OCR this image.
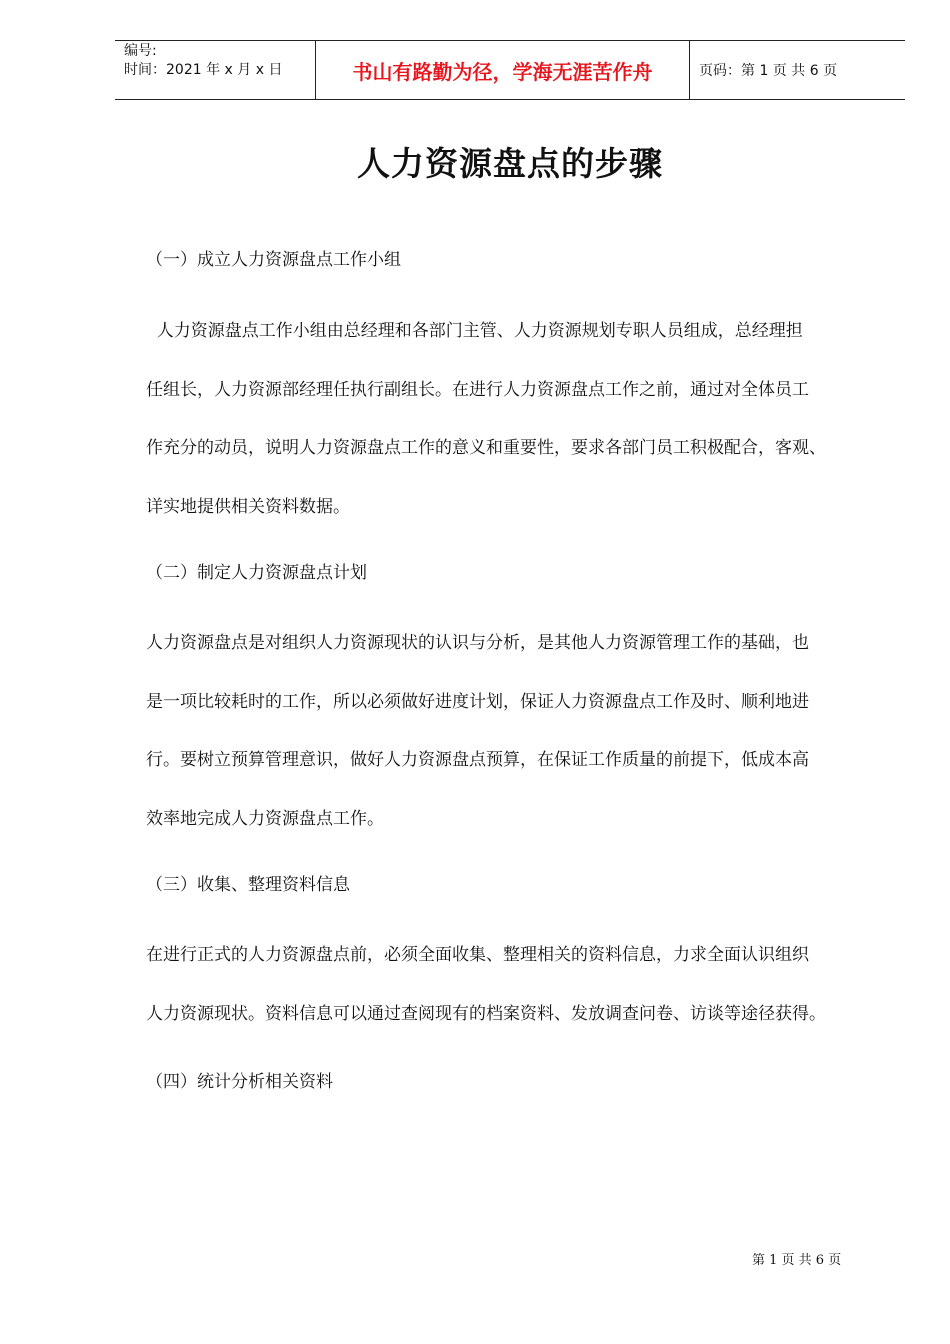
编号:
时间：2021 年 x 月 x 日	书山有路勤为径，学海无涯苦作舟	页码：第 1 页 共 6 页
人力资源盘点的步骤
（一）成立人力资源盘点工作小组
人力资源盘点工作小组由总经理和各部门主管、人力资源规划专职人员组成，总经理担
任组长，人力资源部经理任执行副组长。在进行人力资源盘点工作之前，通过对全体员工
作充分的动员，说明人力资源盘点工作的意义和重要性，要求各部门员工积极配合，客观、
详实地提供相关资料数据。
（二）制定人力资源盘点计划
人力资源盘点是对组织人力资源现状的认识与分析，是其他人力资源管理工作的基础，也
是一项比较耗时的工作，所以必须做好进度计划，保证人力资源盘点工作及时、顺利地进
行。要树立预算管理意识，做好人力资源盘点预算，在保证工作质量的前提下，低成本高
效率地完成人力资源盘点工作。
（三）收集、整理资料信息
在进行正式的人力资源盘点前，必须全面收集、整理相关的资料信息，力求全面认识组织
人力资源现状。资料信息可以通过查阅现有的档案资料、发放调查问卷、访谈等途径获得。
（四）统计分析相关资料
第 1 页 共 6 页
